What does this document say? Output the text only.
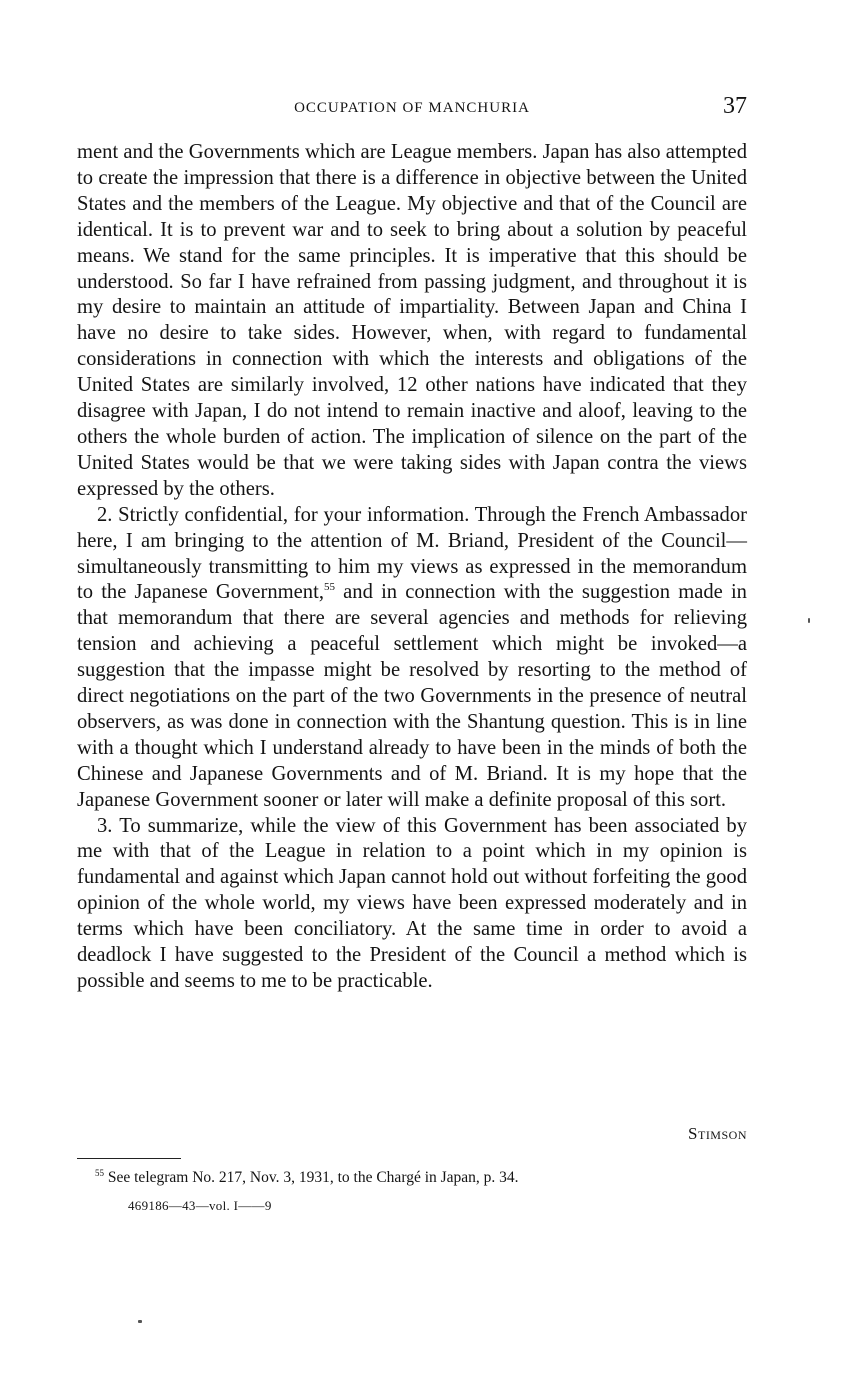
OCCUPATION OF MANCHURIA	37

ment and the Governments which are League members. Japan has also attempted to create the impression that there is a difference in objective between the United States and the members of the League. My objective and that of the Council are identical. It is to prevent war and to seek to bring about a solution by peaceful means. We stand for the same principles. It is imperative that this should be understood. So far I have refrained from passing judgment, and throughout it is my desire to maintain an attitude of impartiality. Between Japan and China I have no desire to take sides. However, when, with regard to fundamental considerations in connection with which the interests and obligations of the United States are similarly involved, 12 other nations have indicated that they disagree with Japan, I do not intend to remain inactive and aloof, leaving to the others the whole burden of action. The implication of silence on the part of the United States would be that we were taking sides with Japan contra the views expressed by the others.

2. Strictly confidential, for your information. Through the French Ambassador here, I am bringing to the attention of M. Briand, President of the Council—simultaneously transmitting to him my views as expressed in the memorandum to the Japanese Government,$^{55}$ and in connection with the suggestion made in that memorandum that there are several agencies and methods for relieving tension and achieving a peaceful settlement which might be invoked—a suggestion that the impasse might be resolved by resorting to the method of direct negotiations on the part of the two Governments in the presence of neutral observers, as was done in connection with the Shantung question. This is in line with a thought which I understand already to have been in the minds of both the Chinese and Japanese Governments and of M. Briand. It is my hope that the Japanese Government sooner or later will make a definite proposal of this sort.

3. To summarize, while the view of this Government has been associated by me with that of the League in relation to a point which in my opinion is fundamental and against which Japan cannot hold out without forfeiting the good opinion of the whole world, my views have been expressed moderately and in terms which have been conciliatory. At the same time in order to avoid a deadlock I have suggested to the President of the Council a method which is possible and seems to me to be practicable.

Stimson
$^{55}$ See telegram No. 217, Nov. 3, 1931, to the Chargé in Japan, p. 34.
469186—43—vol. I——9
